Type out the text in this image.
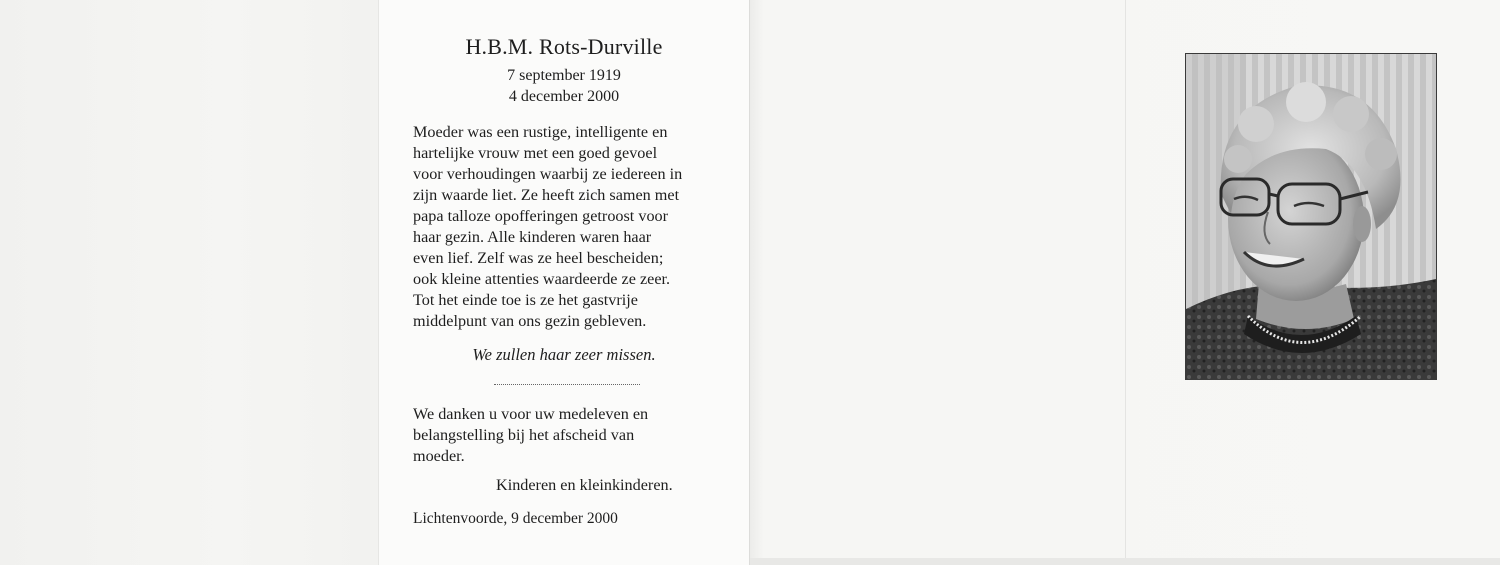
H.B.M. Rots-Durville
7 september 1919
4 december 2000
Moeder was een rustige, intelligente en
hartelijke vrouw met een goed gevoel
voor verhoudingen waarbij ze iedereen in
zijn waarde liet. Ze heeft zich samen met
papa talloze opofferingen getroost voor
haar gezin. Alle kinderen waren haar
even lief. Zelf was ze heel bescheiden;
ook kleine attenties waardeerde ze zeer.
Tot het einde toe is ze het gastvrije
middelpunt van ons gezin gebleven.
We zullen haar zeer missen.
We danken u voor uw medeleven en
belangstelling bij het afscheid van
moeder.
Kinderen en kleinkinderen.
Lichtenvoorde, 9 december 2000
